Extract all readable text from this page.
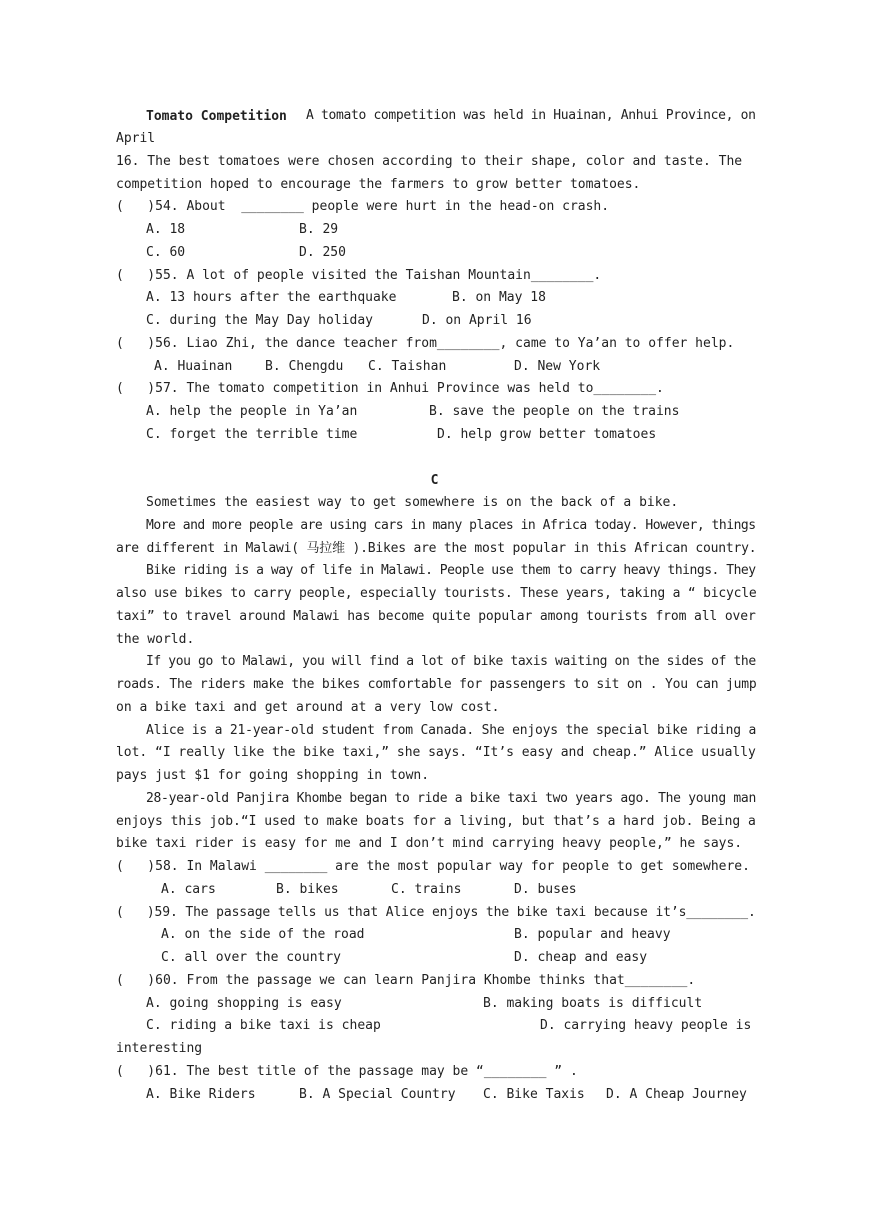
Tomato Competition A tomato competition was held in Huainan, Anhui Province, on
April
16. The best tomatoes were chosen according to their shape, color and taste. The
competition hoped to encourage the farmers to grow better tomatoes.
(   )54. About  ________ people were hurt in the head-on crash.
A. 18	B. 29
C. 60	D. 250
(   )55. A lot of people visited the Taishan Mountain________.
A. 13 hours after the earthquake	B. on May 18
C. during the May Day holiday	D. on April 16
(   )56. Liao Zhi, the dance teacher from________, came to Ya’an to offer help.
A. Huainan	B. Chengdu C. Taishan	D. New York
(   )57. The tomato competition in Anhui Province was held to________.
A. help the people in Ya’an	B. save the people on the trains
C. forget the terrible time	D. help grow better tomatoes
C
Sometimes the easiest way to get somewhere is on the back of a bike.
More and more people are using cars in many places in Africa today. However, things
are different in Malawi( 马拉维 ).Bikes are the most popular in this African country.
Bike riding is a way of life in Malawi. People use them to carry heavy things. They
also use bikes to carry people, especially tourists. These years, taking a “ bicycle
taxi” to travel around Malawi has become quite popular among tourists from all over
the world.
If you go to Malawi, you will find a lot of bike taxis waiting on the sides of the
roads. The riders make the bikes comfortable for passengers to sit on . You can jump
on a bike taxi and get around at a very low cost.
Alice is a 21-year-old student from Canada. She enjoys the special bike riding a
lot. “I really like the bike taxi,” she says. “It’s easy and cheap.” Alice usually
pays just $1 for going shopping in town.
28-year-old Panjira Khombe began to ride a bike taxi two years ago. The young man
enjoys this job.“I used to make boats for a living, but that’s a hard job. Being a
bike taxi rider is easy for me and I don’t mind carrying heavy people,” he says.
(   )58. In Malawi ________ are the most popular way for people to get somewhere.
A. cars	B. bikes	C. trains	D. buses
(   )59. The passage tells us that Alice enjoys the bike taxi because it’s________.
A. on the side of the road	B. popular and heavy
C. all over the country	D. cheap and easy
(   )60. From the passage we can learn Panjira Khombe thinks that________.
A. going shopping is easy	B. making boats is difficult
C. riding a bike taxi is cheap	D. carrying heavy people is
interesting
(   )61. The best title of the passage may be “________ ” .
A. Bike Riders	B. A Special Country C. Bike Taxis D. A Cheap Journey
